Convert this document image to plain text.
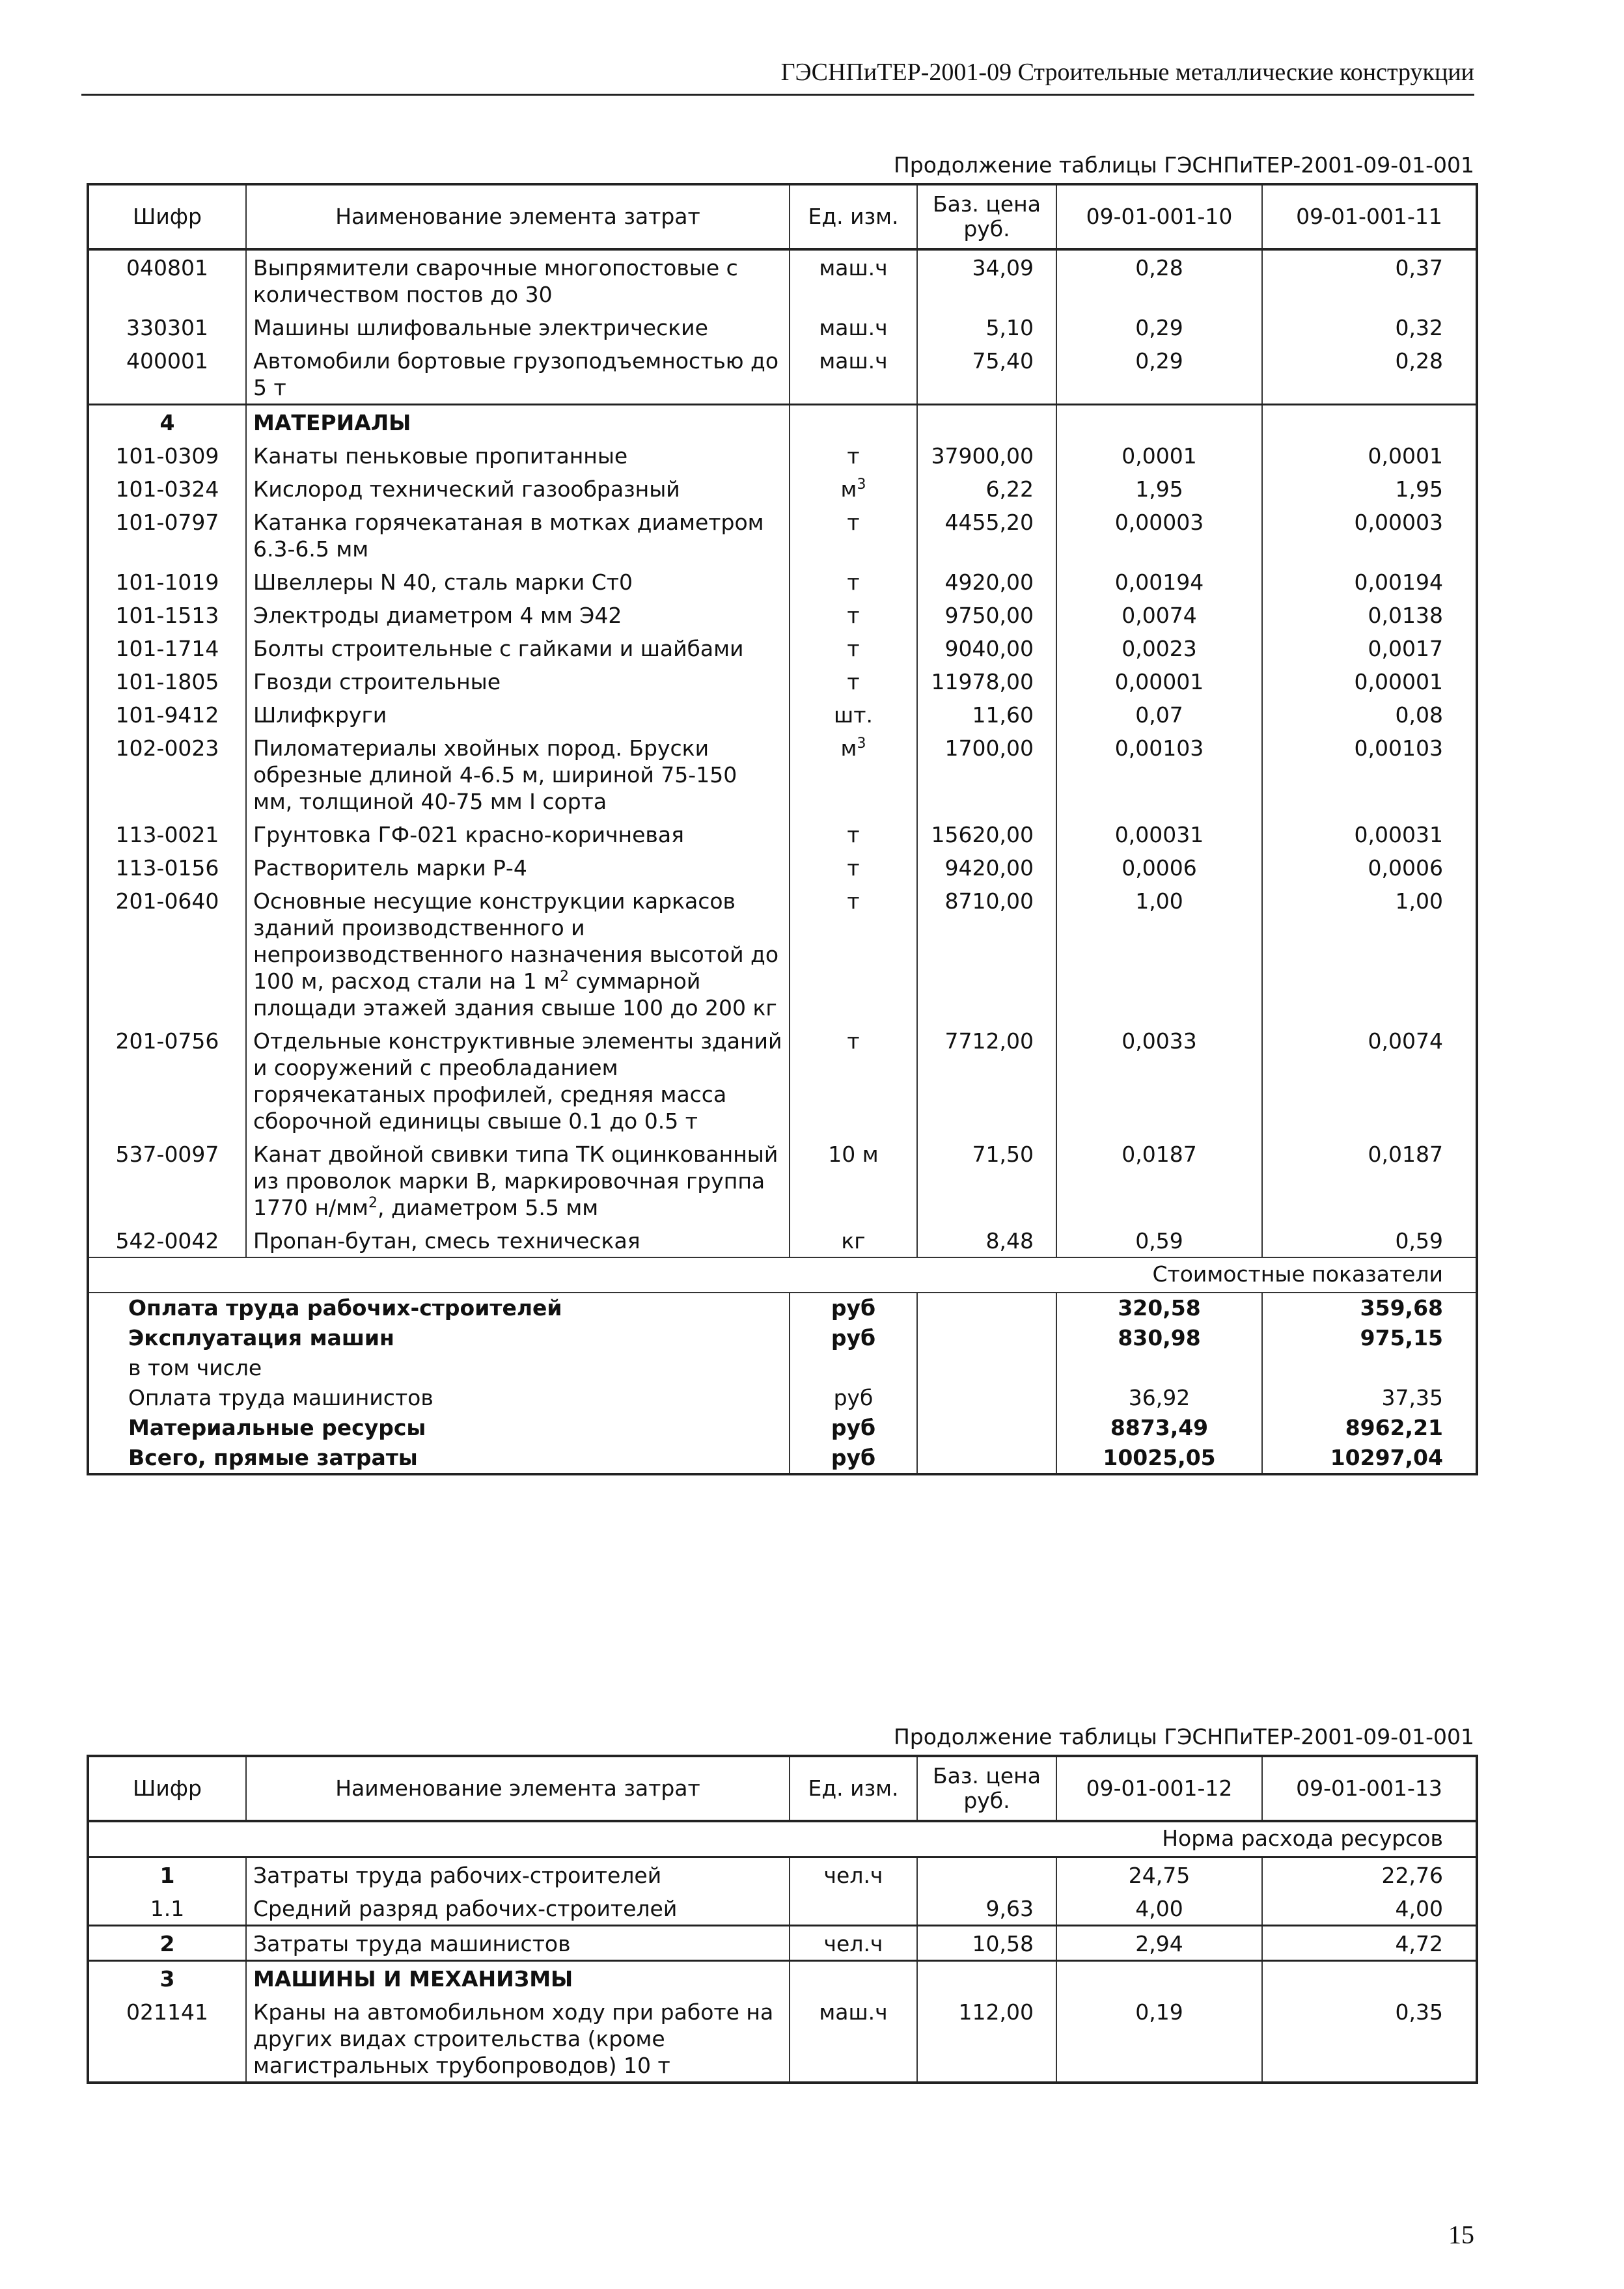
ГЭСНПиТЕР-2001-09 Строительные металлические конструкции
Продолжение таблицы ГЭСНПиТЕР-2001-09-01-001
Шифр	Наименование элемента затрат	Ед. изм.	Баз. цена руб.	09-01-001-10	09-01-001-11
040801	Выпрямители сварочные многопостовые с количеством постов до 30	маш.ч	34,09	0,28	0,37
330301	Машины шлифовальные электрические	маш.ч	5,10	0,29	0,32
400001	Автомобили бортовые грузоподъемностью до 5 т	маш.ч	75,40	0,29	0,28
4	МАТЕРИАЛЫ				
101-0309	Канаты пеньковые пропитанные	т	37900,00	0,0001	0,0001
101-0324	Кислород технический газообразный	$м^3$	6,22	1,95	1,95
101-0797	Катанка горячекатаная в мотках диаметром 6.3-6.5 мм	т	4455,20	0,00003	0,00003
101-1019	Швеллеры N 40, сталь марки Ст0	т	4920,00	0,00194	0,00194
101-1513	Электроды диаметром 4 мм Э42	т	9750,00	0,0074	0,0138
101-1714	Болты строительные с гайками и шайбами	т	9040,00	0,0023	0,0017
101-1805	Гвозди строительные	т	11978,00	0,00001	0,00001
101-9412	Шлифкруги	шт.	11,60	0,07	0,08
102-0023	Пиломатериалы хвойных пород. Бруски обрезные длиной 4-6.5 м, шириной 75-150 мм, толщиной 40-75 мм I сорта	$м^3$	1700,00	0,00103	0,00103
113-0021	Грунтовка ГФ-021 красно-коричневая	т	15620,00	0,00031	0,00031
113-0156	Растворитель марки Р-4	т	9420,00	0,0006	0,0006
201-0640	Основные несущие конструкции каркасов зданий производственного и непроизводственного назначения высотой до 100 м, расход стали на 1 $м^2$ суммарной площади этажей здания свыше 100 до 200 кг	т	8710,00	1,00	1,00
201-0756	Отдельные конструктивные элементы зданий и сооружений с преобладанием горячекатаных профилей, средняя масса сборочной единицы свыше 0.1 до 0.5 т	т	7712,00	0,0033	0,0074
537-0097	Канат двойной свивки типа ТК оцинкованный из проволок марки В, маркировочная группа 1770 $н/мм^2$, диаметром 5.5 мм	10 м	71,50	0,0187	0,0187
542-0042	Пропан-бутан, смесь техническая	кг	8,48	0,59	0,59
Стоимостные показатели					
Оплата труда рабочих-строителей		руб		320,58	359,68
Эксплуатация машин		руб		830,98	975,15
в том числе					
Оплата труда машинистов		руб		36,92	37,35
Материальные ресурсы		руб		8873,49	8962,21
Всего, прямые затраты		руб		10025,05	10297,04
Продолжение таблицы ГЭСНПиТЕР-2001-09-01-001
Шифр	Наименование элемента затрат	Ед. изм.	Баз. цена руб.	09-01-001-12	09-01-001-13
Норма расхода ресурсов					
1	Затраты труда рабочих-строителей	чел.ч		24,75	22,76
1.1	Средний разряд рабочих-строителей		9,63	4,00	4,00
2	Затраты труда машинистов	чел.ч	10,58	2,94	4,72
3	МАШИНЫ И МЕХАНИЗМЫ				
021141	Краны на автомобильном ходу при работе на других видах строительства (кроме магистральных трубопроводов) 10 т	маш.ч	112,00	0,19	0,35
15
